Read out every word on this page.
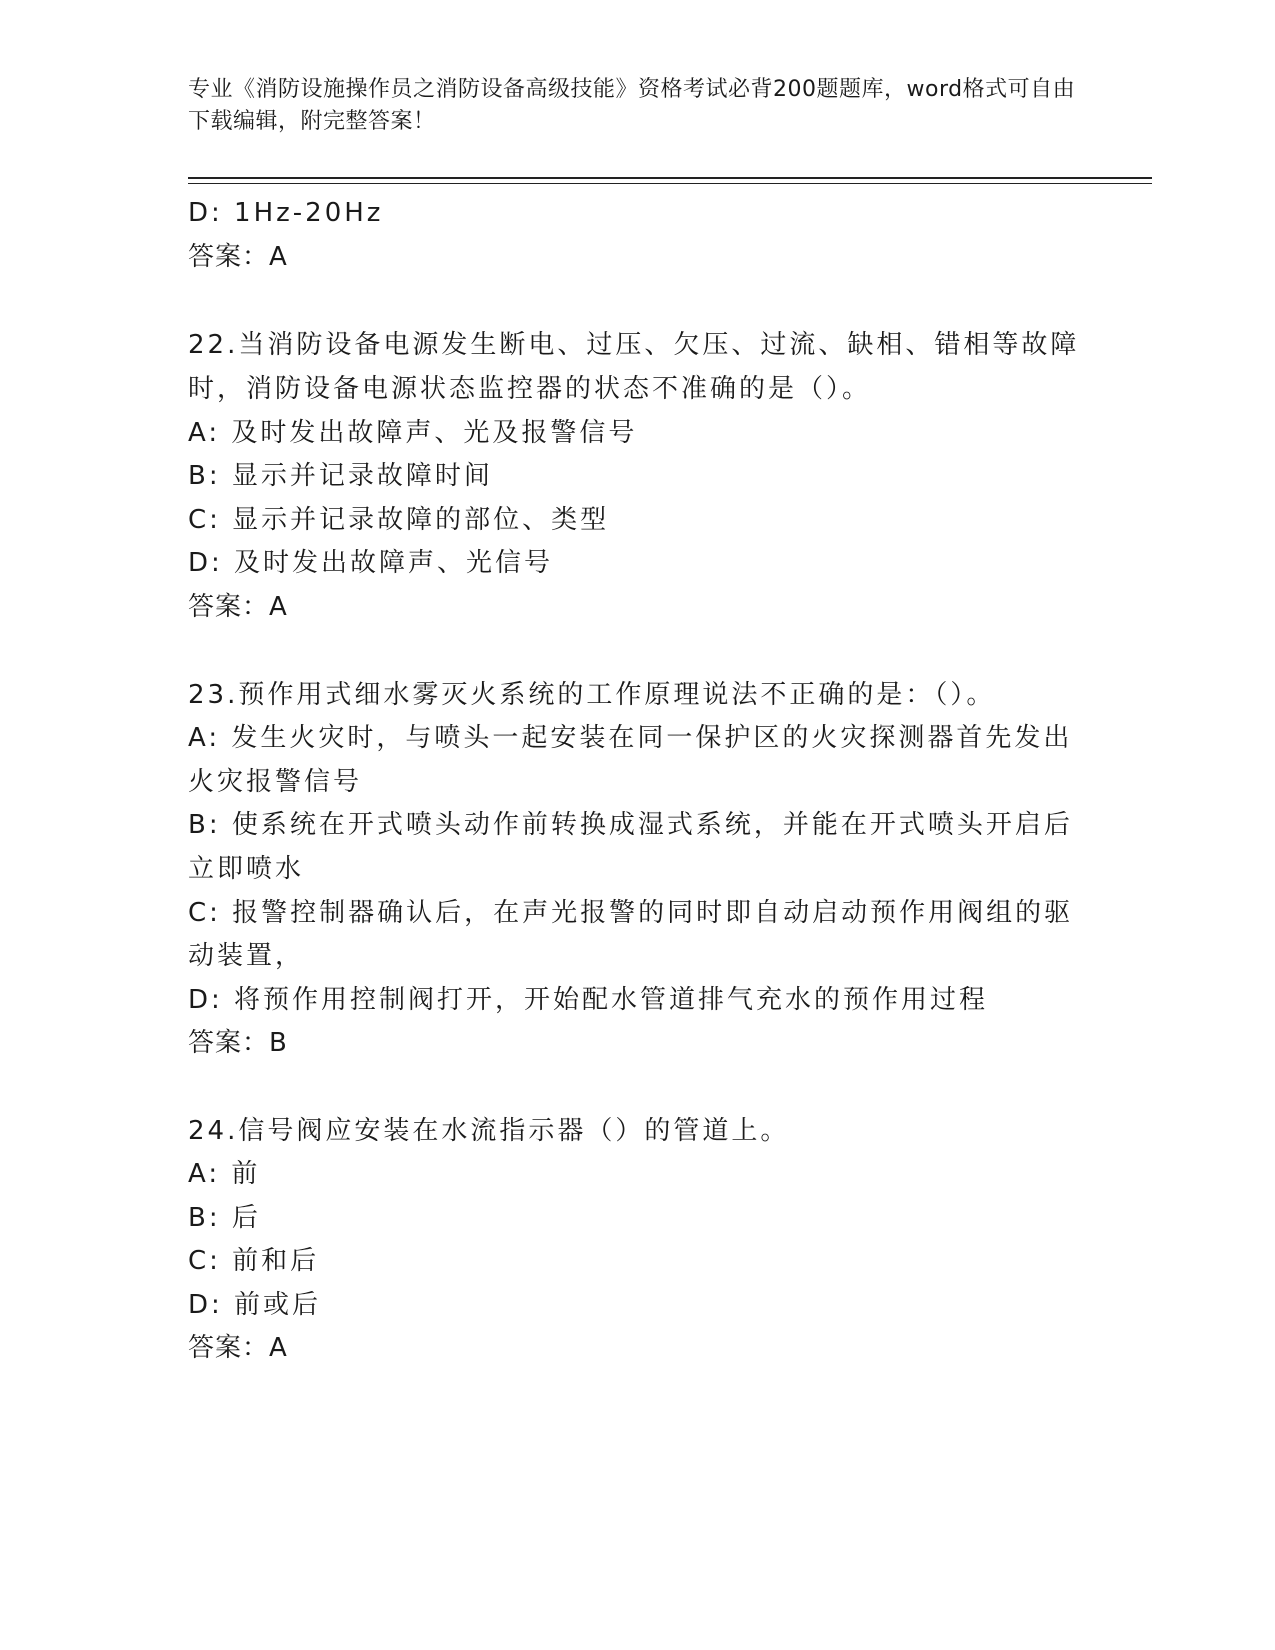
专业《消防设施操作员之消防设备高级技能》资格考试必背200题题库，word格式可自由下载编辑，附完整答案！
D: 1Hz-20Hz
答案：A
22.当消防设备电源发生断电、过压、欠压、过流、缺相、错相等故障
时，消防设备电源状态监控器的状态不准确的是（）。
A: 及时发出故障声、光及报警信号
B: 显示并记录故障时间
C: 显示并记录故障的部位、类型
D: 及时发出故障声、光信号
答案：A
23.预作用式细水雾灭火系统的工作原理说法不正确的是：（）。
A: 发生火灾时，与喷头一起安装在同一保护区的火灾探测器首先发出
火灾报警信号
B: 使系统在开式喷头动作前转换成湿式系统，并能在开式喷头开启后
立即喷水
C: 报警控制器确认后，在声光报警的同时即自动启动预作用阀组的驱
动装置，
D: 将预作用控制阀打开，开始配水管道排气充水的预作用过程
答案：B
24.信号阀应安装在水流指示器（）的管道上。
A: 前
B: 后
C: 前和后
D: 前或后
答案：A
